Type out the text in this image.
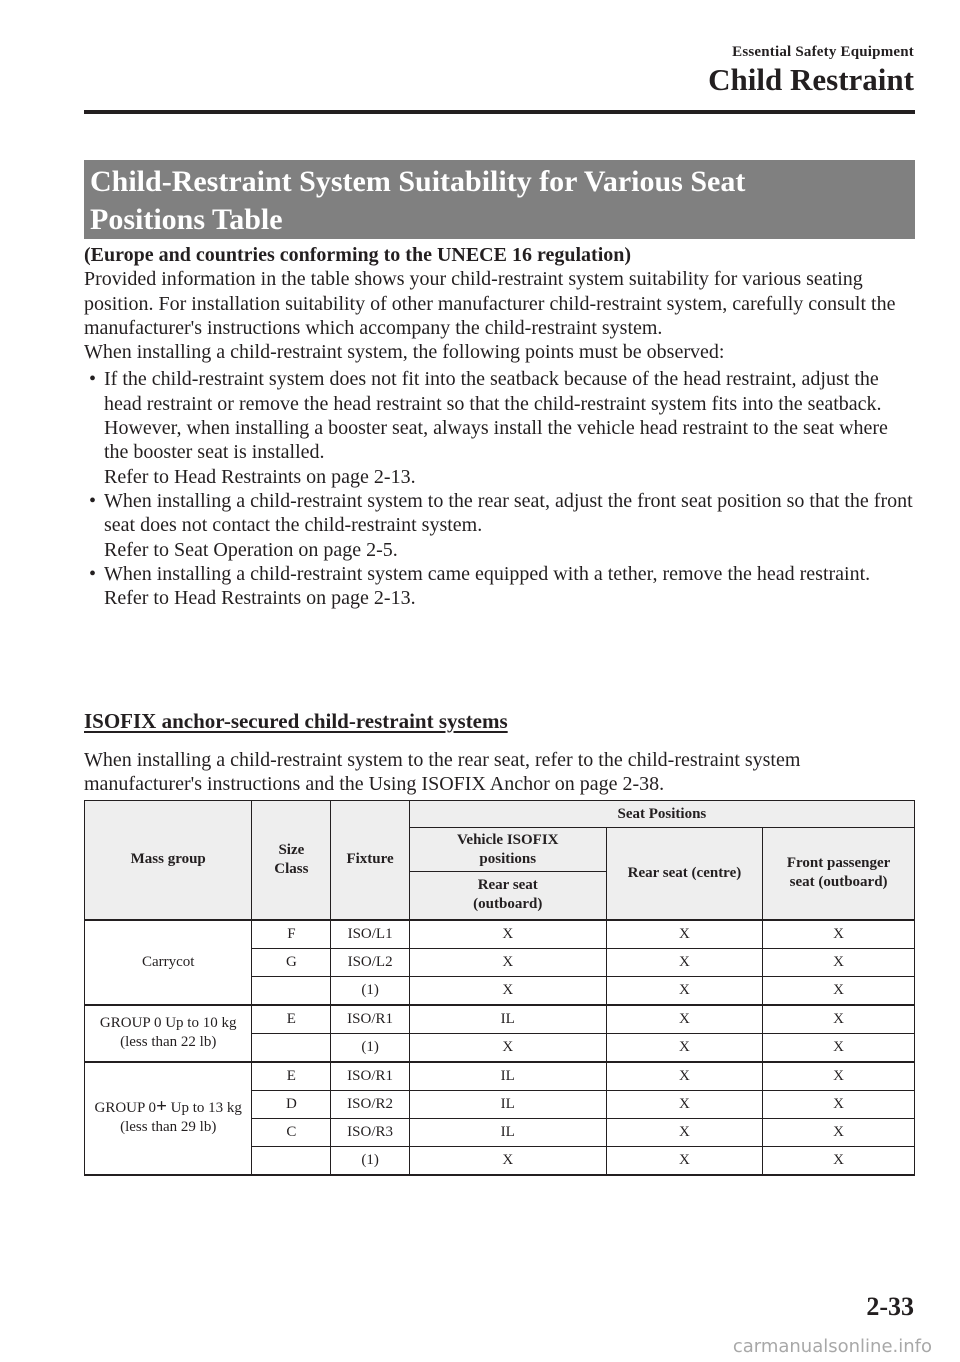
Essential Safety Equipment
Child Restraint
Child-Restraint System Suitability for Various Seat
Positions Table

(Europe and countries conforming to the UNECE 16 regulation)

Provided information in the table shows your child-restraint system suitability for various seating position. For installation suitability of other manufacturer child-restraint system, carefully consult the manufacturer's instructions which accompany the child-restraint system.

When installing a child-restraint system, the following points must be observed:

• If the child-restraint system does not fit into the seatback because of the head restraint, adjust the head restraint or remove the head restraint so that the child-restraint system fits into the seatback. However, when installing a booster seat, always install the vehicle head restraint to the seat where the booster seat is installed.
Refer to Head Restraints on page 2-13.
• When installing a child-restraint system to the rear seat, adjust the front seat position so that the front seat does not contact the child-restraint system.
Refer to Seat Operation on page 2-5.
• When installing a child-restraint system came equipped with a tether, remove the head restraint.
Refer to Head Restraints on page 2-13.
ISOFIX anchor-secured child-restraint systems
When installing a child-restraint system to the rear seat, refer to the child-restraint system manufacturer's instructions and the Using ISOFIX Anchor on page 2-38.
Mass group	Size Class	Fixture	Seat Positions		
			Vehicle ISOFIX positions	Rear seat (centre)	Front passenger seat (outboard)
			Rear seat (outboard)		
Carrycot	F	ISO/L1	X	X	X
	G	ISO/L2	X	X	X
		(1)	X	X	X
GROUP 0 Up to 10 kg
(less than 22 lb)	E	ISO/R1	IL	X	X
		(1)	X	X	X
GROUP 0+ Up to 13 kg
(less than 29 lb)	E	ISO/R1	IL	X	X
	D	ISO/R2	IL	X	X
	C	ISO/R3	IL	X	X
		(1)	X	X	X
2-33
carmanualsonline.info
